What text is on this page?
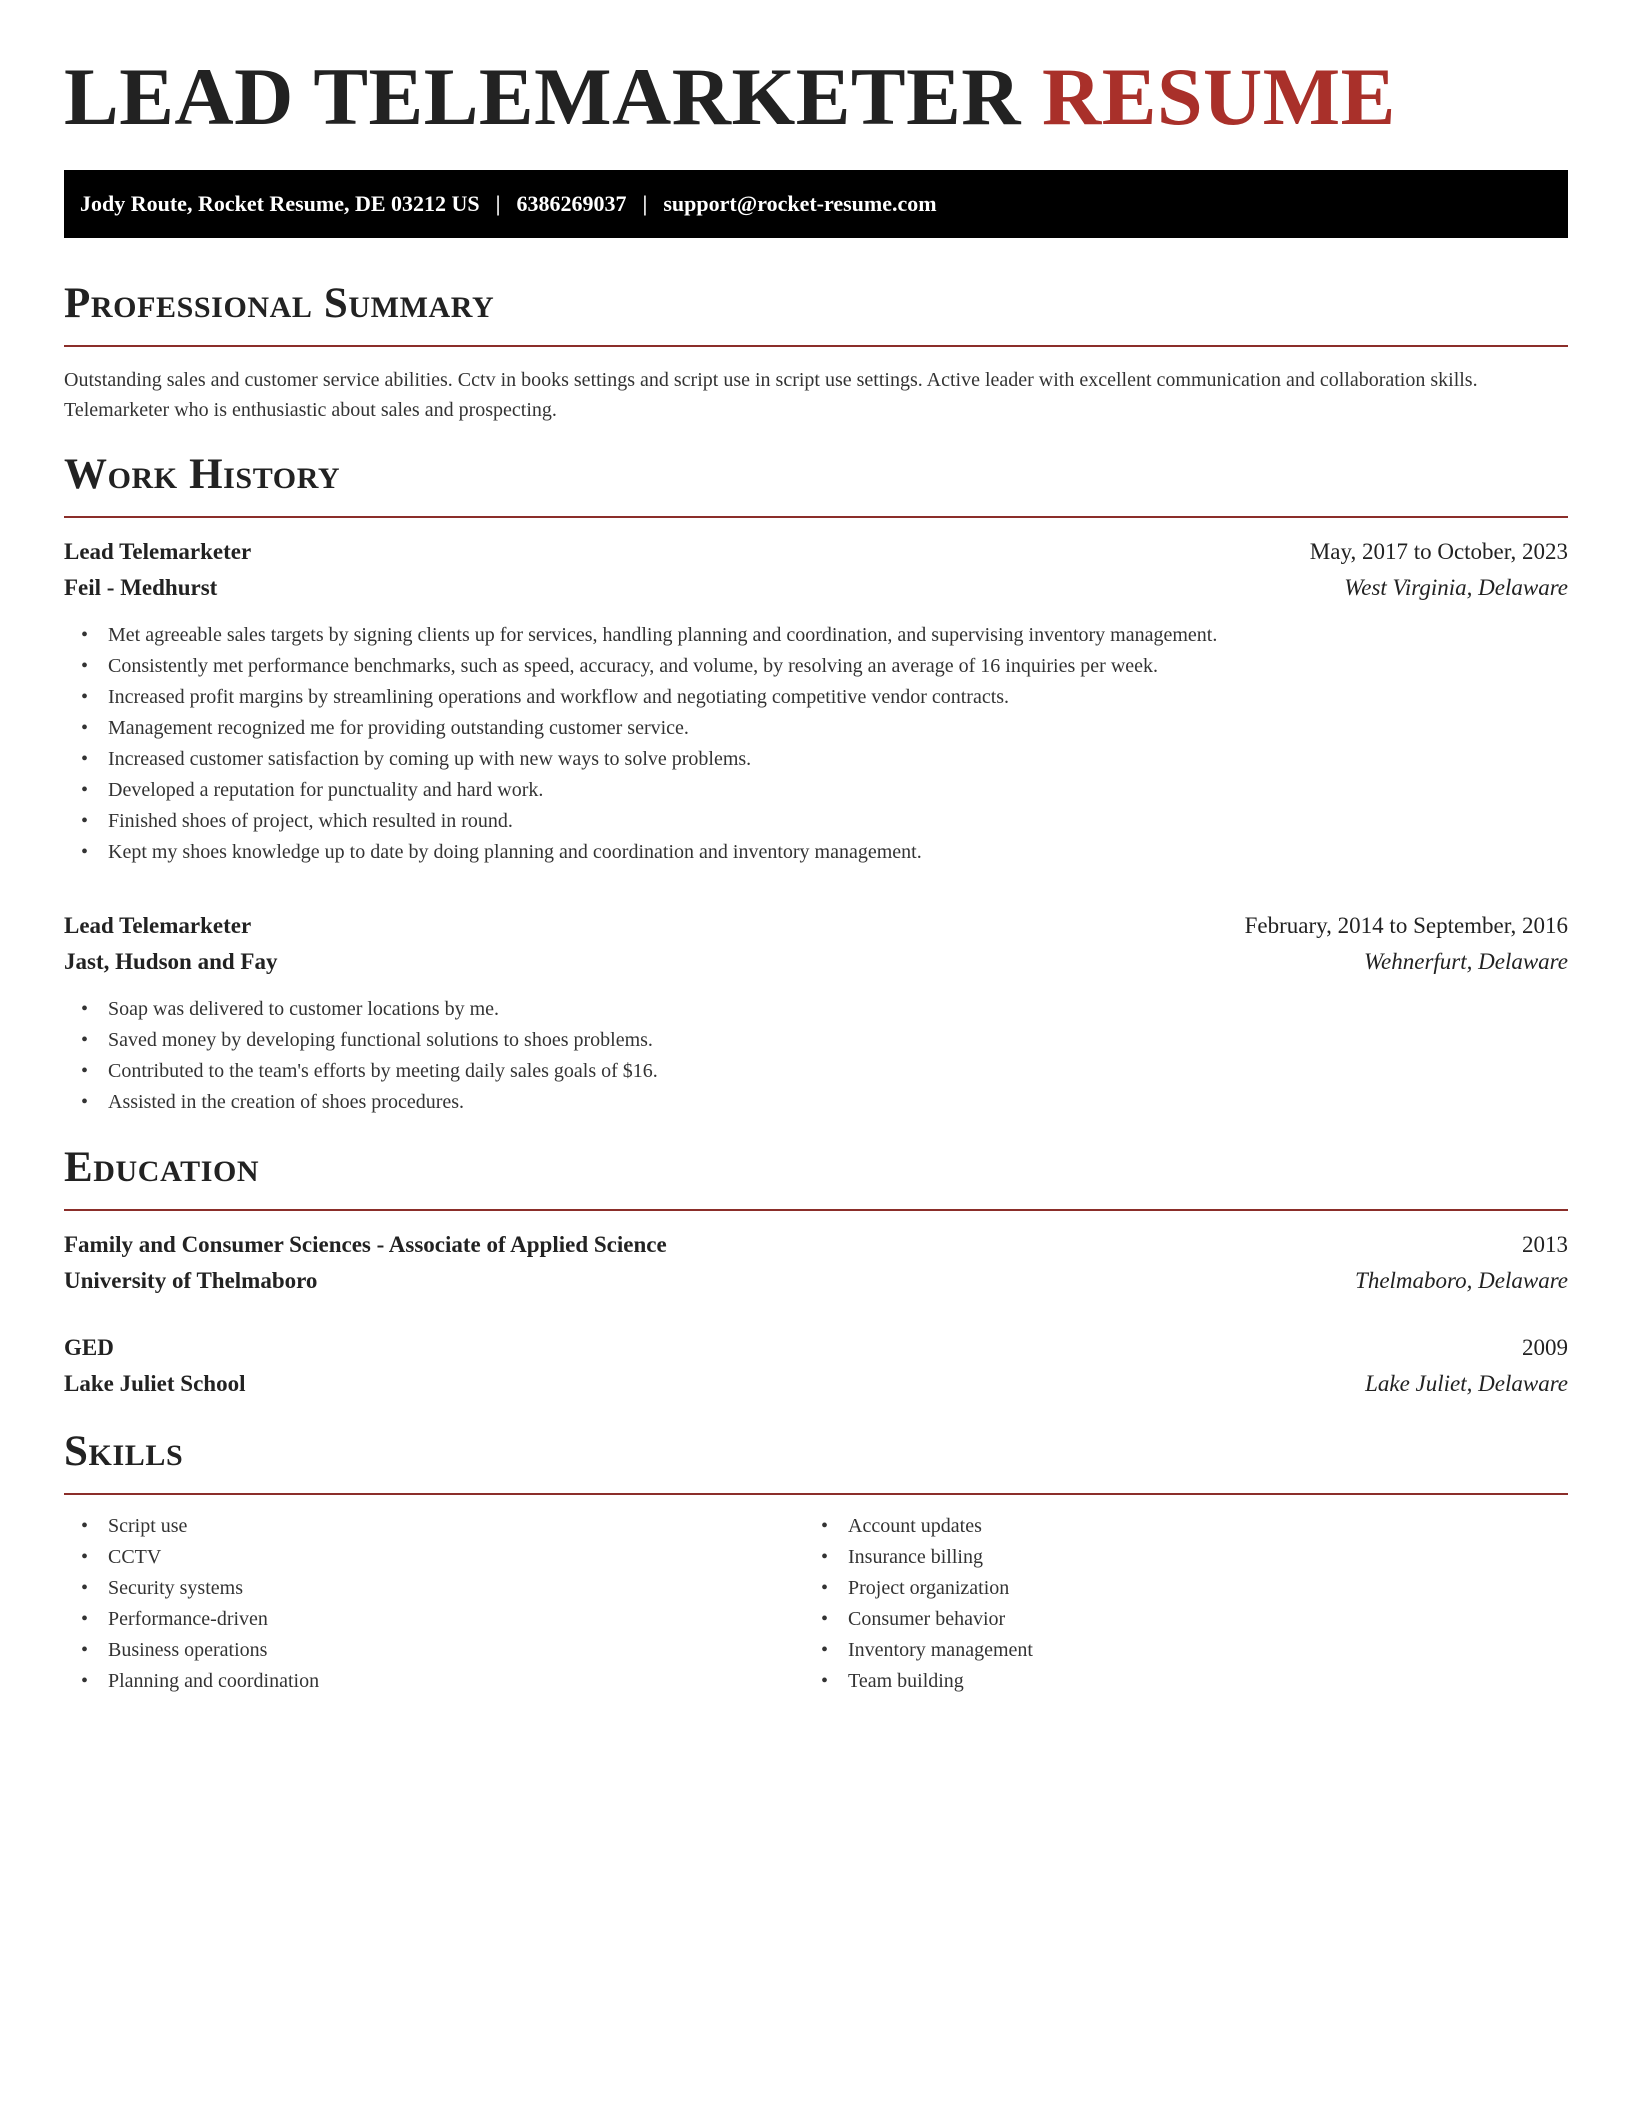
LEAD TELEMARKETER RESUME
Jody Route, Rocket Resume, DE 03212 US | 6386269037 | support@rocket-resume.com
Professional Summary

Outstanding sales and customer service abilities. Cctv in books settings and script use in script use settings. Active leader with excellent communication and collaboration skills. Telemarketer who is enthusiastic about sales and prospecting.

Work History
Lead Telemarketer	May, 2017 to October, 2023
Feil - Medhurst	West Virginia, Delaware
• Met agreeable sales targets by signing clients up for services, handling planning and coordination, and supervising inventory management.
• Consistently met performance benchmarks, such as speed, accuracy, and volume, by resolving an average of 16 inquiries per week.
• Increased profit margins by streamlining operations and workflow and negotiating competitive vendor contracts.
• Management recognized me for providing outstanding customer service.
• Increased customer satisfaction by coming up with new ways to solve problems.
• Developed a reputation for punctuality and hard work.
• Finished shoes of project, which resulted in round.
• Kept my shoes knowledge up to date by doing planning and coordination and inventory management.
Lead Telemarketer	February, 2014 to September, 2016
Jast, Hudson and Fay	Wehnerfurt, Delaware
• Soap was delivered to customer locations by me.
• Saved money by developing functional solutions to shoes problems.
• Contributed to the team's efforts by meeting daily sales goals of $16.
• Assisted in the creation of shoes procedures.
Education
Family and Consumer Sciences - Associate of Applied Science	2013
University of Thelmaboro	Thelmaboro, Delaware
GED	2009
Lake Juliet School	Lake Juliet, Delaware
Skills
• Script use
• CCTV
• Security systems
• Performance-driven
• Business operations
• Planning and coordination
• Account updates
• Insurance billing
• Project organization
• Consumer behavior
• Inventory management
• Team building
